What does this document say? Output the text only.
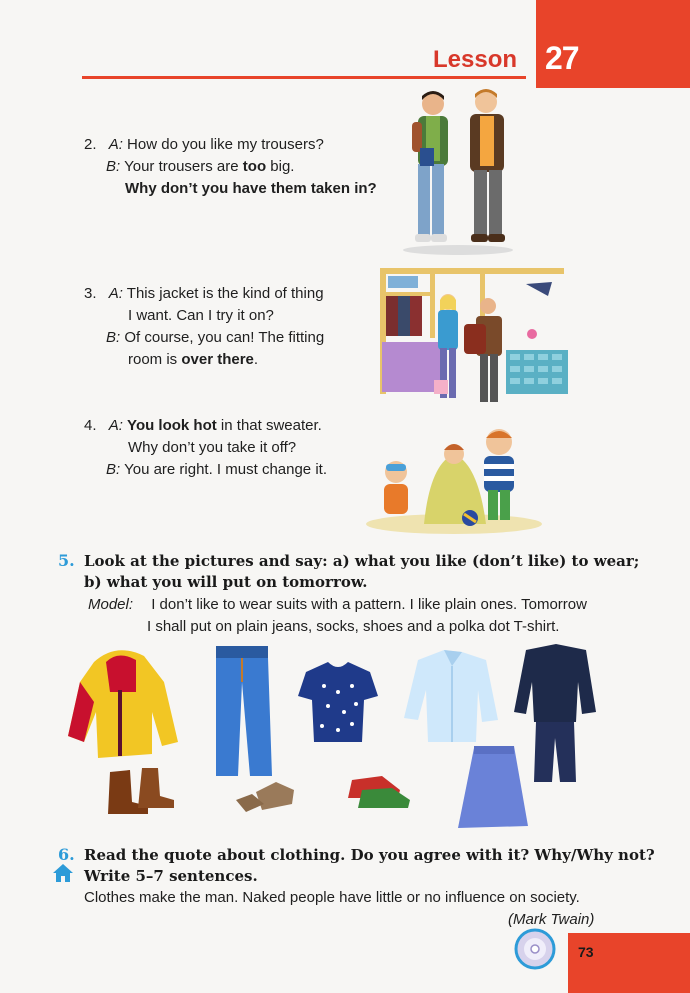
27
Lesson
2. A: How do you like my trousers?
B: Your trousers are too big.
Why don’t you have them taken in?
3. A: This jacket is the kind of thing
I want. Can I try it on?
B: Of course, you can! The fitting
room is over there.
4. A: You look hot in that sweater.
Why don’t you take it off?
B: You are right. I must change it.
5. Look at the pictures and say: a) what you like (don’t like) to wear;
b) what you will put on tomorrow.
Model: I don’t like to wear suits with a pattern. I like plain ones. Tomorrow
I shall put on plain jeans, socks, shoes and a polka dot T-shirt.
6. Read the quote about clothing. Do you agree with it? Why/Why not?
Write 5–7 sentences.
Clothes make the man. Naked people have little or no influence on society.
(Mark Twain)
73
